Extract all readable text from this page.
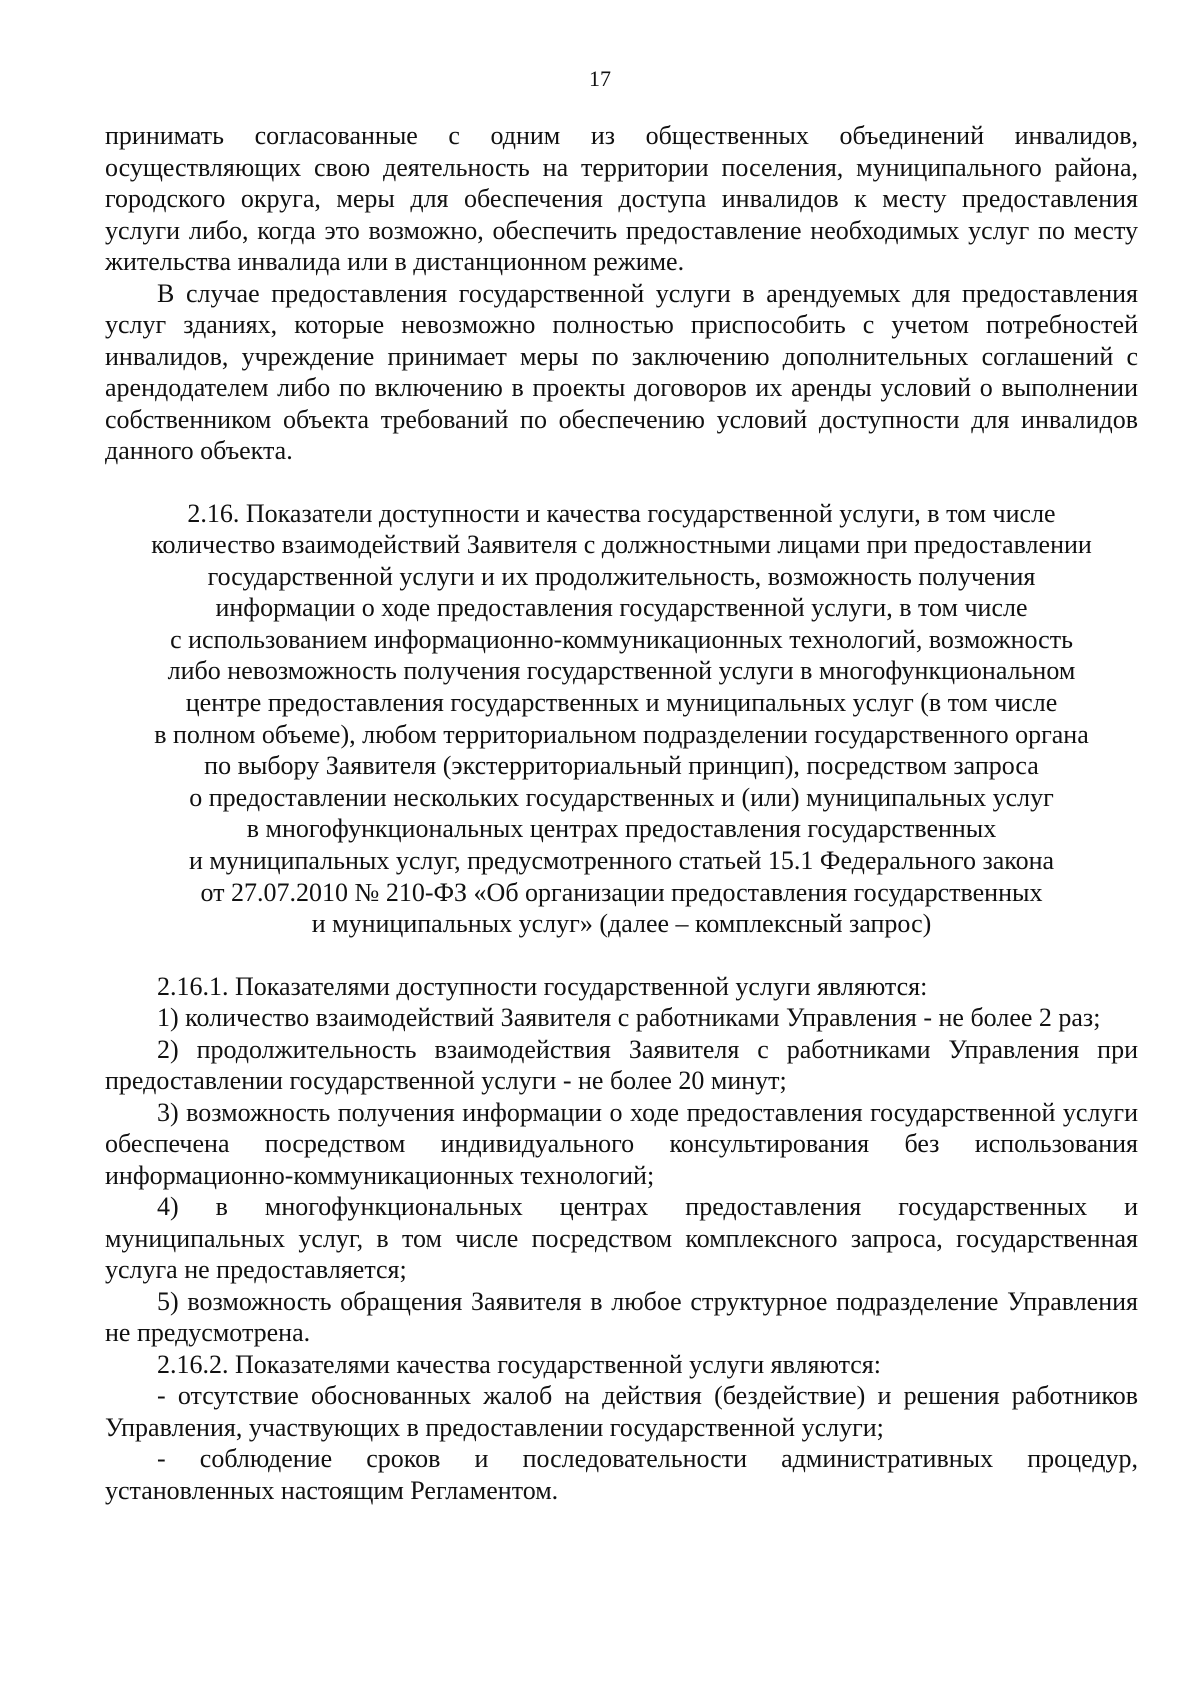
17

принимать согласованные с одним из общественных объединений инвалидов, осуществляющих свою деятельность на территории поселения, муниципального района, городского округа, меры для обеспечения доступа инвалидов к месту предоставления услуги либо, когда это возможно, обеспечить предоставление необходимых услуг по месту жительства инвалида или в дистанционном режиме.

В случае предоставления государственной услуги в арендуемых для предоставления услуг зданиях, которые невозможно полностью приспособить с учетом потребностей инвалидов, учреждение принимает меры по заключению дополнительных соглашений с арендодателем либо по включению в проекты договоров их аренды условий о выполнении собственником объекта требований по обеспечению условий доступности для инвалидов данного объекта.

2.16. Показатели доступности и качества государственной услуги, в том числе
количество взаимодействий Заявителя с должностными лицами при предоставлении
государственной услуги и их продолжительность, возможность получения
информации о ходе предоставления государственной услуги, в том числе
с использованием информационно-коммуникационных технологий, возможность
либо невозможность получения государственной услуги в многофункциональном
центре предоставления государственных и муниципальных услуг (в том числе
в полном объеме), любом территориальном подразделении государственного органа
по выбору Заявителя (экстерриториальный принцип), посредством запроса
о предоставлении нескольких государственных и (или) муниципальных услуг
в многофункциональных центрах предоставления государственных
и муниципальных услуг, предусмотренного статьей 15.1 Федерального закона
от 27.07.2010 № 210-ФЗ «Об организации предоставления государственных
и муниципальных услуг» (далее – комплексный запрос)

2.16.1. Показателями доступности государственной услуги являются:

1) количество взаимодействий Заявителя с работниками Управления - не более 2 раз;

2) продолжительность взаимодействия Заявителя с работниками Управления при предоставлении государственной услуги - не более 20 минут;

3) возможность получения информации о ходе предоставления государственной услуги обеспечена посредством индивидуального консультирования без использования информационно-коммуникационных технологий;

4) в многофункциональных центрах предоставления государственных и муниципальных услуг, в том числе посредством комплексного запроса, государственная услуга не предоставляется;

5) возможность обращения Заявителя в любое структурное подразделение Управления не предусмотрена.

2.16.2. Показателями качества государственной услуги являются:

- отсутствие обоснованных жалоб на действия (бездействие) и решения работников Управления, участвующих в предоставлении государственной услуги;

- соблюдение сроков и последовательности административных процедур, установленных настоящим Регламентом.
